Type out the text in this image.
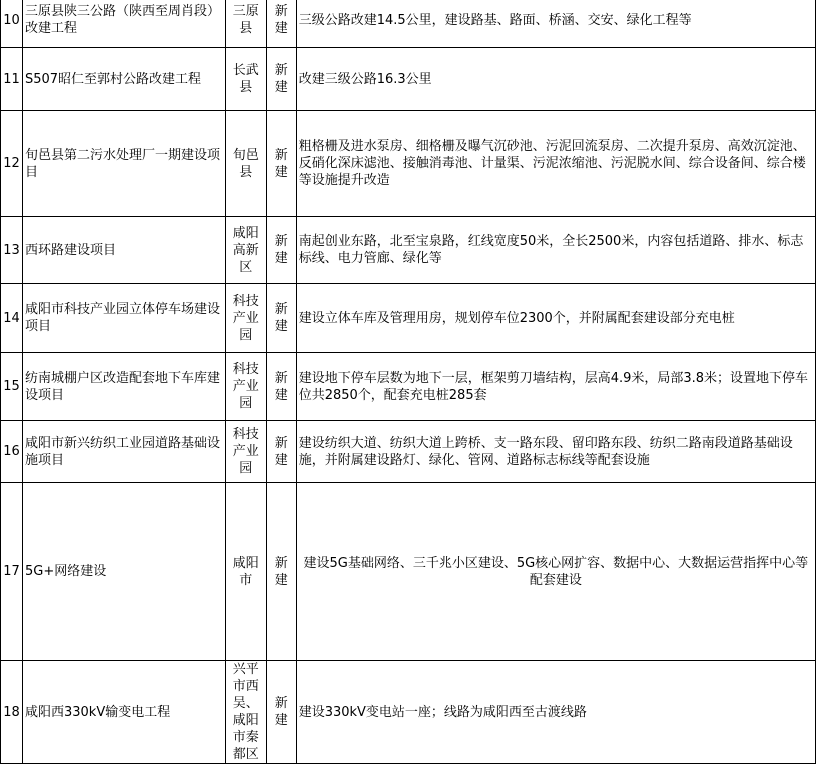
10	三原县陕三公路（陕西至周肖段）改建工程	三原县	新建	三级公路改建14.5公里，建设路基、路面、桥涵、交安、绿化工程等
11	S507昭仁至郭村公路改建工程	长武县	新建	改建三级公路16.3公里
12	旬邑县第二污水处理厂一期建设项目	旬邑县	新建	粗格栅及进水泵房、细格栅及曝气沉砂池、污泥回流泵房、二次提升泵房、高效沉淀池、反硝化深床滤池、接触消毒池、计量渠、污泥浓缩池、污泥脱水间、综合设备间、综合楼等设施提升改造
13	西环路建设项目	咸阳高新区	新建	南起创业东路，北至宝泉路，红线宽度50米，全长2500米，内容包括道路、排水、标志标线、电力管廊、绿化等
14	咸阳市科技产业园立体停车场建设项目	科技产业园	新建	建设立体车库及管理用房，规划停车位2300个，并附属配套建设部分充电桩
15	纺南城棚户区改造配套地下车库建设项目	科技产业园	新建	建设地下停车层数为地下一层，框架剪刀墙结构，层高4.9米，局部3.8米；设置地下停车位共2850个，配套充电桩285套
16	咸阳市新兴纺织工业园道路基础设施项目	科技产业园	新建	建设纺织大道、纺织大道上跨桥、支一路东段、留印路东段、纺织二路南段道路基础设施，并附属建设路灯、绿化、管网、道路标志标线等配套设施
17	5G+网络建设	咸阳市	新建	建设5G基础网络、三千兆小区建设、5G核心网扩容、数据中心、大数据运营指挥中心等配套建设
18	咸阳西330kV输变电工程	兴平市西吴、咸阳市秦都区	新建	建设330kV变电站一座；线路为咸阳西至古渡线路
